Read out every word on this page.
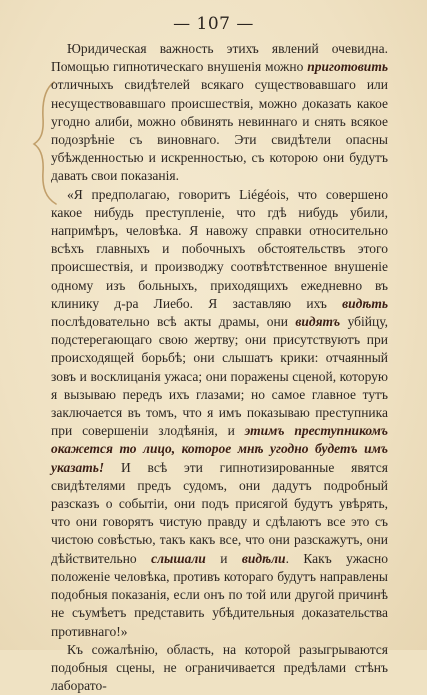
— 107 —

Юридическая важность этихъ явлений очевидна. Помощью гипнотическаго внушенія можно приготовить отличныхъ свидѣтелей всякаго существовавшаго или несуществовавшаго происшествія, можно доказать какое угодно алиби, можно обвинять невиннаго и снять всякое подозрѣніе съ виновнаго. Эти свидѣтели опасны убѣжденностью и искренностью, съ которою они будутъ давать свои показанія.

«Я предполагаю, говоритъ Liégéois, что совершено какое нибудь преступленіе, что гдѣ нибудь убили, напримѣръ, человѣка. Я навожу справки относительно всѣхъ главныхъ и побочныхъ обстоятельствъ этого происшествія, и производжу соотвѣтственное внушеніе одному изъ больныхъ, приходящихъ ежедневно въ клинику д-ра Лиебо. Я заставляю ихъ видѣть послѣдовательно всѣ акты драмы, они видятъ убійцу, подстерегающаго свою жертву; они присутствуютъ при происходящей борьбѣ; они слышатъ крики: отчаянный зовъ и восклицанія ужаса; они поражены сценой, которую я вызываю передъ ихъ глазами; но самое главное тутъ заключается въ томъ, что я имъ показываю преступника при совершеніи злодѣянія, и этимъ преступникомъ окажется то лицо, которое мнѣ угодно будетъ имъ указать! И всѣ эти гипнотизированные явятся свидѣтелями предъ судомъ, они дадутъ подробный разсказъ о событіи, они подъ присягой будутъ увѣрять, что они говорятъ чистую правду и сдѣлаютъ все это съ чистою совѣстью, такъ какъ все, что они разскажутъ, они дѣйствительно слышали и видѣли. Какъ ужасно положеніе человѣка, противъ котораго будутъ направлены подобныя показанія, если онъ по той или другой причинѣ не съумѣетъ представить убѣдительныя доказательства противнаго!»

Къ сожалѣнію, область, на которой разыгрываются подобныя сцены, не ограничивается предѣлами стѣнъ лаборато-
